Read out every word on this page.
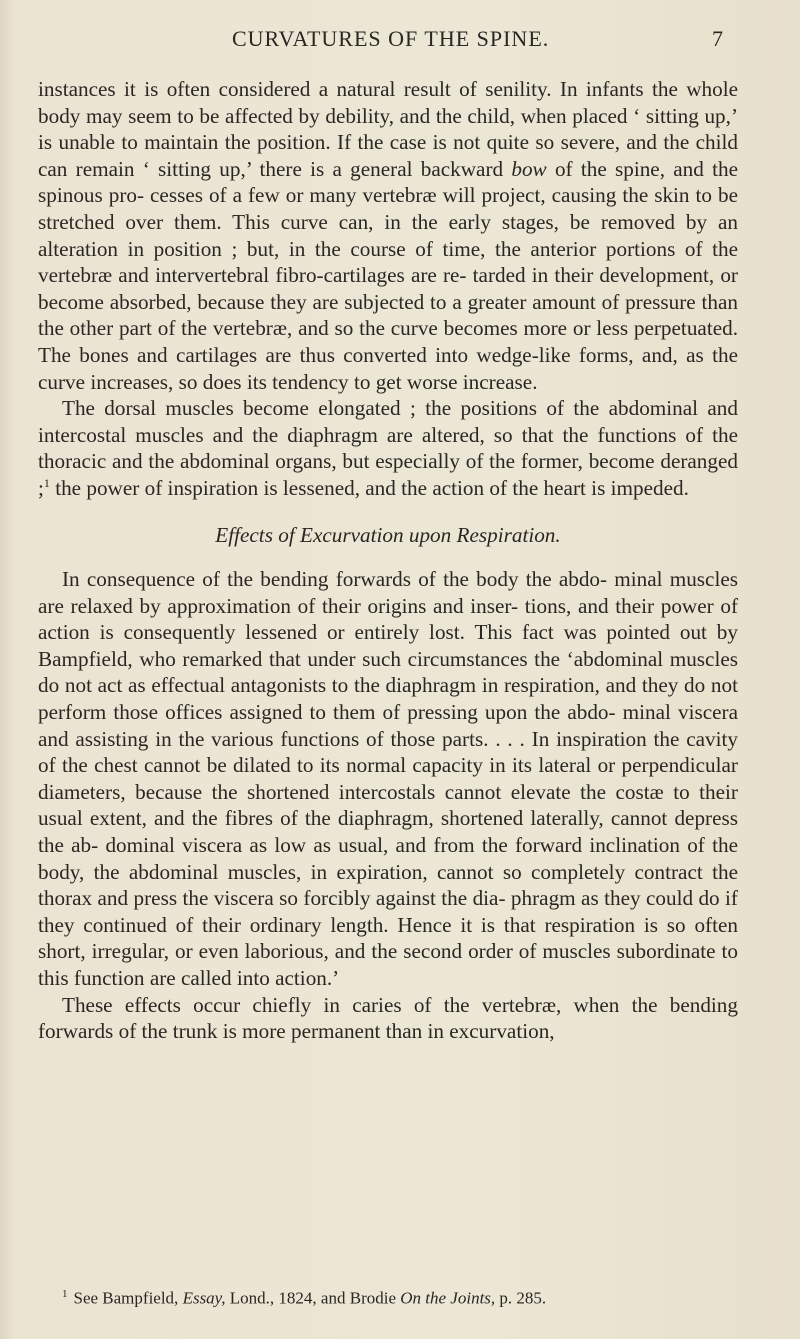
CURVATURES OF THE SPINE.	7

instances it is often considered a natural result of senility. In infants the whole body may seem to be affected by debility, and the child, when placed ‘ sitting up,’ is unable to maintain the position. If the case is not quite so severe, and the child can remain ‘ sitting up,’ there is a general backward bow of the spine, and the spinous pro- cesses of a few or many vertebræ will project, causing the skin to be stretched over them. This curve can, in the early stages, be removed by an alteration in position ; but, in the course of time, the anterior portions of the vertebræ and intervertebral fibro-cartilages are re- tarded in their development, or become absorbed, because they are subjected to a greater amount of pressure than the other part of the vertebræ, and so the curve becomes more or less perpetuated. The bones and cartilages are thus converted into wedge-like forms, and, as the curve increases, so does its tendency to get worse increase.

The dorsal muscles become elongated ; the positions of the abdominal and intercostal muscles and the diaphragm are altered, so that the functions of the thoracic and the abdominal organs, but especially of the former, become deranged ;$^1$ the power of inspiration is lessened, and the action of the heart is impeded.

Effects of Excurvation upon Respiration.

In consequence of the bending forwards of the body the abdo- minal muscles are relaxed by approximation of their origins and inser- tions, and their power of action is consequently lessened or entirely lost. This fact was pointed out by Bampfield, who remarked that under such circumstances the ‘abdominal muscles do not act as effectual antagonists to the diaphragm in respiration, and they do not perform those offices assigned to them of pressing upon the abdo- minal viscera and assisting in the various functions of those parts. . . . In inspiration the cavity of the chest cannot be dilated to its normal capacity in its lateral or perpendicular diameters, because the shortened intercostals cannot elevate the costæ to their usual extent, and the fibres of the diaphragm, shortened laterally, cannot depress the ab- dominal viscera as low as usual, and from the forward inclination of the body, the abdominal muscles, in expiration, cannot so completely contract the thorax and press the viscera so forcibly against the dia- phragm as they could do if they continued of their ordinary length. Hence it is that respiration is so often short, irregular, or even laborious, and the second order of muscles subordinate to this function are called into action.’

These effects occur chiefly in caries of the vertebræ, when the bending forwards of the trunk is more permanent than in excurvation,

$^1$ See Bampfield, Essay, Lond., 1824, and Brodie On the Joints, p. 285.
